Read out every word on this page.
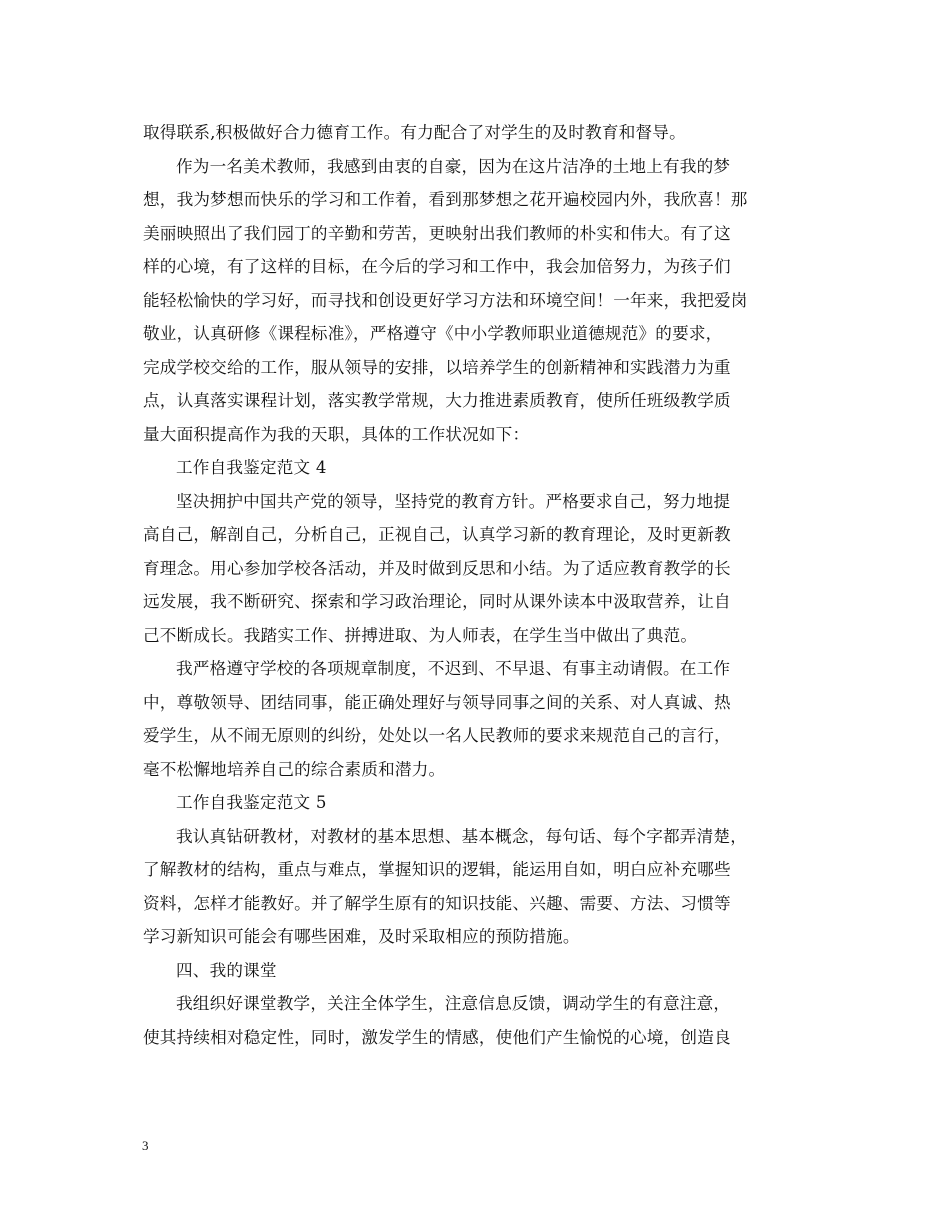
取得联系,积极做好合力德育工作。有力配合了对学生的及时教育和督导。
作为一名美术教师，我感到由衷的自豪，因为在这片洁净的土地上有我的梦
想，我为梦想而快乐的学习和工作着，看到那梦想之花开遍校园内外，我欣喜！那
美丽映照出了我们园丁的辛勤和劳苦，更映射出我们教师的朴实和伟大。有了这
样的心境，有了这样的目标，在今后的学习和工作中，我会加倍努力，为孩子们
能轻松愉快的学习好，而寻找和创设更好学习方法和环境空间！一年来，我把爱岗
敬业，认真研修《课程标准》，严格遵守《中小学教师职业道德规范》的要求，
完成学校交给的工作，服从领导的安排，以培养学生的创新精神和实践潜力为重
点，认真落实课程计划，落实教学常规，大力推进素质教育，使所任班级教学质
量大面积提高作为我的天职，具体的工作状况如下：
工作自我鉴定范文 4
坚决拥护中国共产党的领导，坚持党的教育方针。严格要求自己，努力地提
高自己，解剖自己，分析自己，正视自己，认真学习新的教育理论，及时更新教
育理念。用心参加学校各活动，并及时做到反思和小结。为了适应教育教学的长
远发展，我不断研究、探索和学习政治理论，同时从课外读本中汲取营养，让自
己不断成长。我踏实工作、拼搏进取、为人师表，在学生当中做出了典范。
我严格遵守学校的各项规章制度，不迟到、不早退、有事主动请假。在工作
中，尊敬领导、团结同事，能正确处理好与领导同事之间的关系、对人真诚、热
爱学生，从不闹无原则的纠纷，处处以一名人民教师的要求来规范自己的言行，
毫不松懈地培养自己的综合素质和潜力。
工作自我鉴定范文 5
我认真钻研教材，对教材的基本思想、基本概念，每句话、每个字都弄清楚，
了解教材的结构，重点与难点，掌握知识的逻辑，能运用自如，明白应补充哪些
资料，怎样才能教好。并了解学生原有的知识技能、兴趣、需要、方法、习惯等
学习新知识可能会有哪些困难，及时采取相应的预防措施。
四、我的课堂
我组织好课堂教学，关注全体学生，注意信息反馈，调动学生的有意注意，
使其持续相对稳定性，同时，激发学生的情感，使他们产生愉悦的心境，创造良
3
